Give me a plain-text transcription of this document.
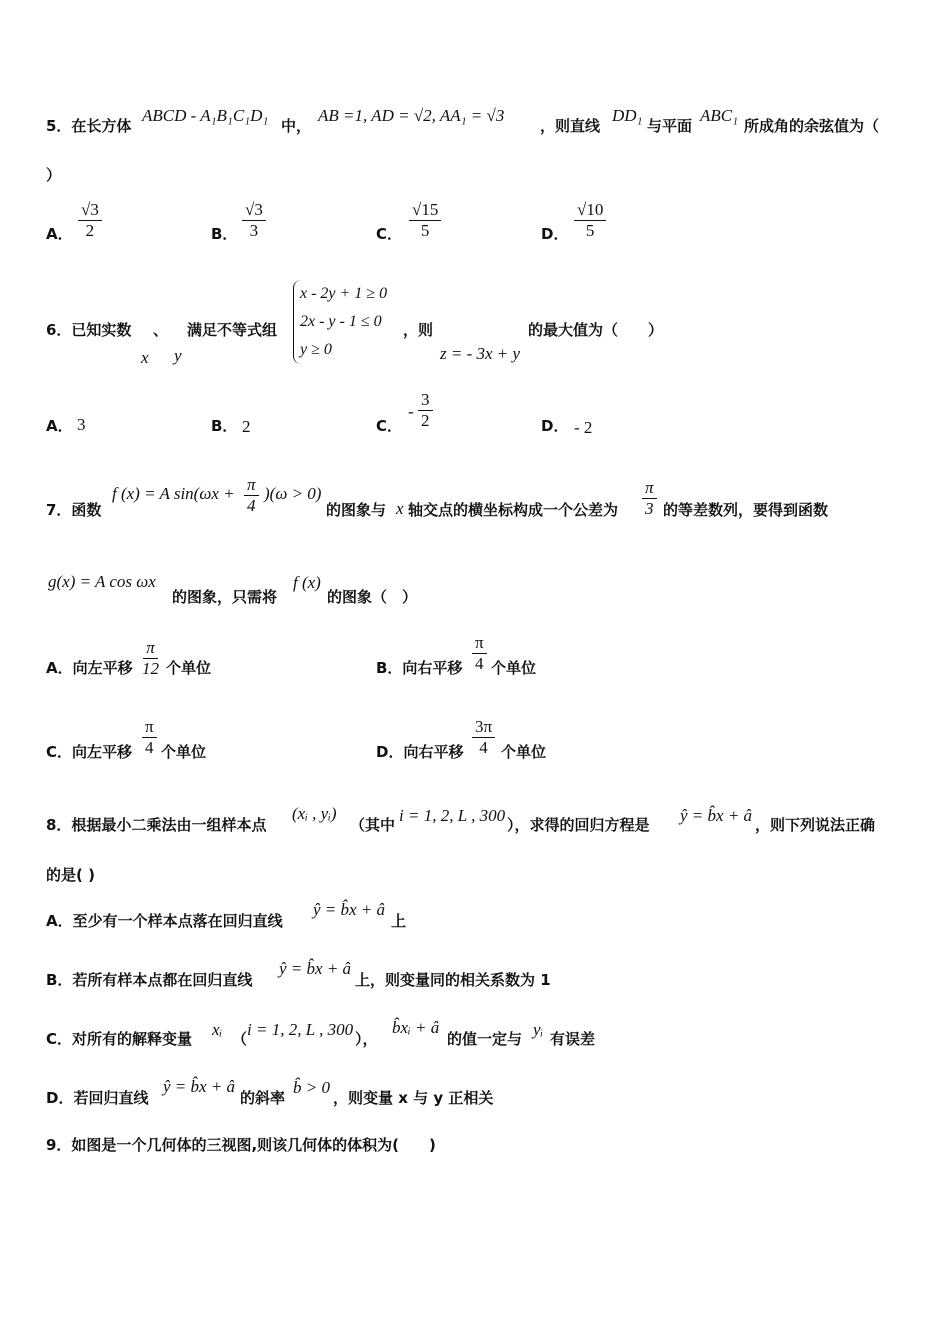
5．在长方体
ABCD - A₁B₁C₁D₁
中，
AB =1, AD = √2, AA₁ = √3
，则直线
DD₁
与平面
ABC₁
所成角的余弦值为（
）
A． $\frac{√3}{2}$	B． $\frac{√3}{3}$	C． $\frac{√15}{5}$	D． $\frac{√10}{5}$
6．已知实数 、 满足不等式组
x y
x - 2y + 1 ≥ 0
2x - y - 1 ≤ 0
y ≥ 0
，则
z = - 3x + y
的最大值为（　　）
A． 3	B． 2	C．
- $\frac{3}{2}$	D． - 2
7．函数
f (x) = A $\sin(\omega x + \frac{\pi}{4} )(\omega > 0)$
的图象与 x 轴交点的横坐标构成一个公差为 $\frac{\pi}{3}$ 的等差数列，要得到函数
g(x) = A cos ωx
的图象，只需将
f (x)
的图象（　）
A．向左平移 $\frac{\pi}{12}$ 个单位	B．向右平移 $\frac{\pi}{4}$ 个单位
C．向左平移 $\frac{\pi}{4}$ 个单位	D．向右平移 $\frac{3\pi}{4}$ 个单位
8．根据最小二乘法由一组样本点
(xᵢ , yᵢ)
（其中 i = 1, 2, L , 300 ），求得的回归方程是 ŷ = b̂x + â ，则下列说法正确
的是( )
A．至少有一个样本点落在回归直线
ŷ = b̂x + â
上
B．若所有样本点都在回归直线
ŷ = b̂x + â
上，则变量同的相关系数为 1
C．对所有的解释变量 xᵢ （ i = 1, 2, L , 300 ），
b̂xᵢ + â
的值一定与 yᵢ 有误差
D．若回归直线
ŷ = b̂x + â
的斜率
b̂ > 0
，则变量 x 与 y 正相关
9．如图是一个几何体的三视图,则该几何体的体积为(　　)
